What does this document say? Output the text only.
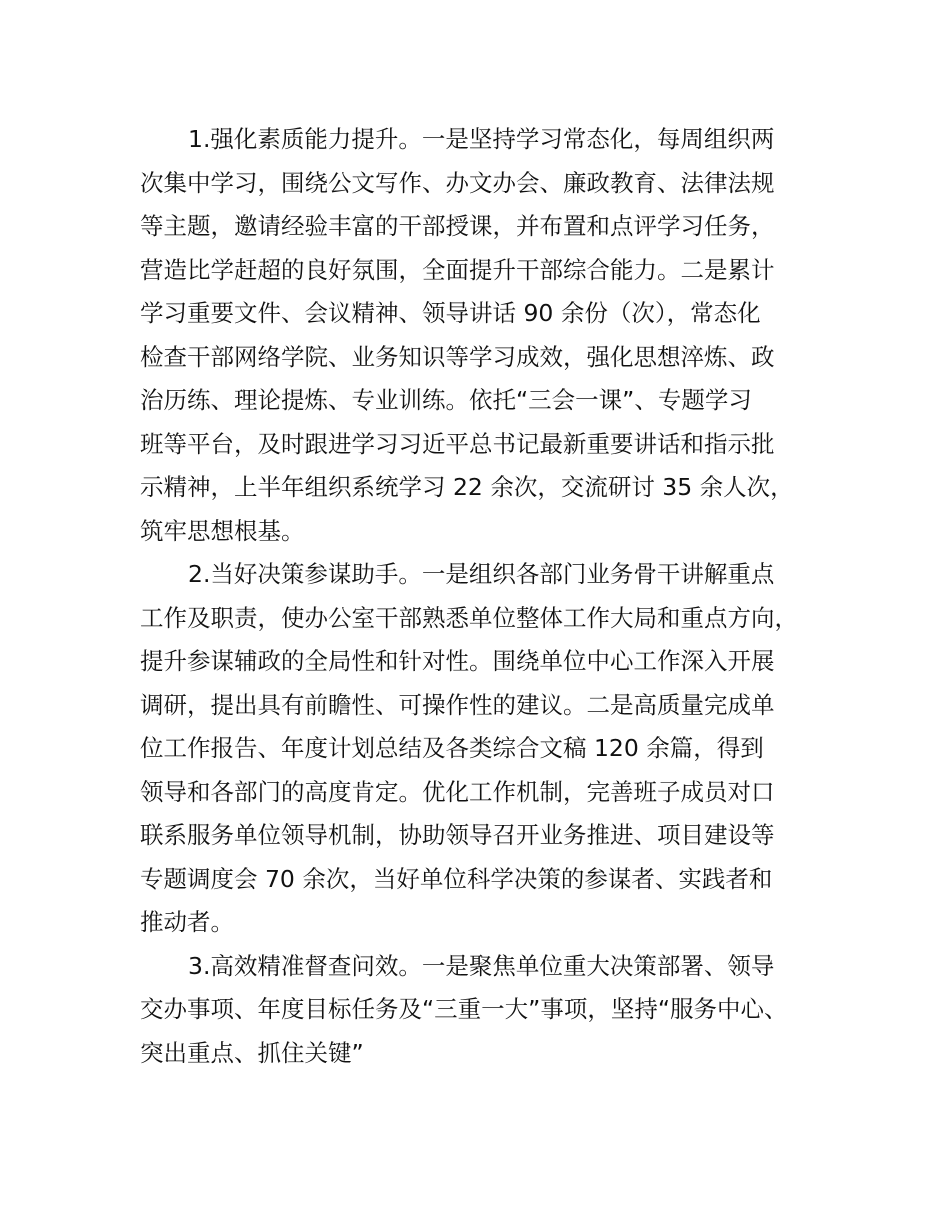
1.强化素质能力提升。一是坚持学习常态化，每周组织两
次集中学习，围绕公文写作、办文办会、廉政教育、法律法规
等主题，邀请经验丰富的干部授课，并布置和点评学习任务，
营造比学赶超的良好氛围，全面提升干部综合能力。二是累计
学习重要文件、会议精神、领导讲话 90 余份（次），常态化
检查干部网络学院、业务知识等学习成效，强化思想淬炼、政
治历练、理论提炼、专业训练。依托“三会一课”、专题学习
班等平台，及时跟进学习习近平总书记最新重要讲话和指示批
示精神，上半年组织系统学习 22 余次，交流研讨 35 余人次，
筑牢思想根基。
2.当好决策参谋助手。一是组织各部门业务骨干讲解重点
工作及职责，使办公室干部熟悉单位整体工作大局和重点方向，
提升参谋辅政的全局性和针对性。围绕单位中心工作深入开展
调研，提出具有前瞻性、可操作性的建议。二是高质量完成单
位工作报告、年度计划总结及各类综合文稿 120 余篇，得到
领导和各部门的高度肯定。优化工作机制，完善班子成员对口
联系服务单位领导机制，协助领导召开业务推进、项目建设等
专题调度会 70 余次，当好单位科学决策的参谋者、实践者和
推动者。
3.高效精准督查问效。一是聚焦单位重大决策部署、领导
交办事项、年度目标任务及“三重一大”事项，坚持“服务中心、
突出重点、抓住关键”
